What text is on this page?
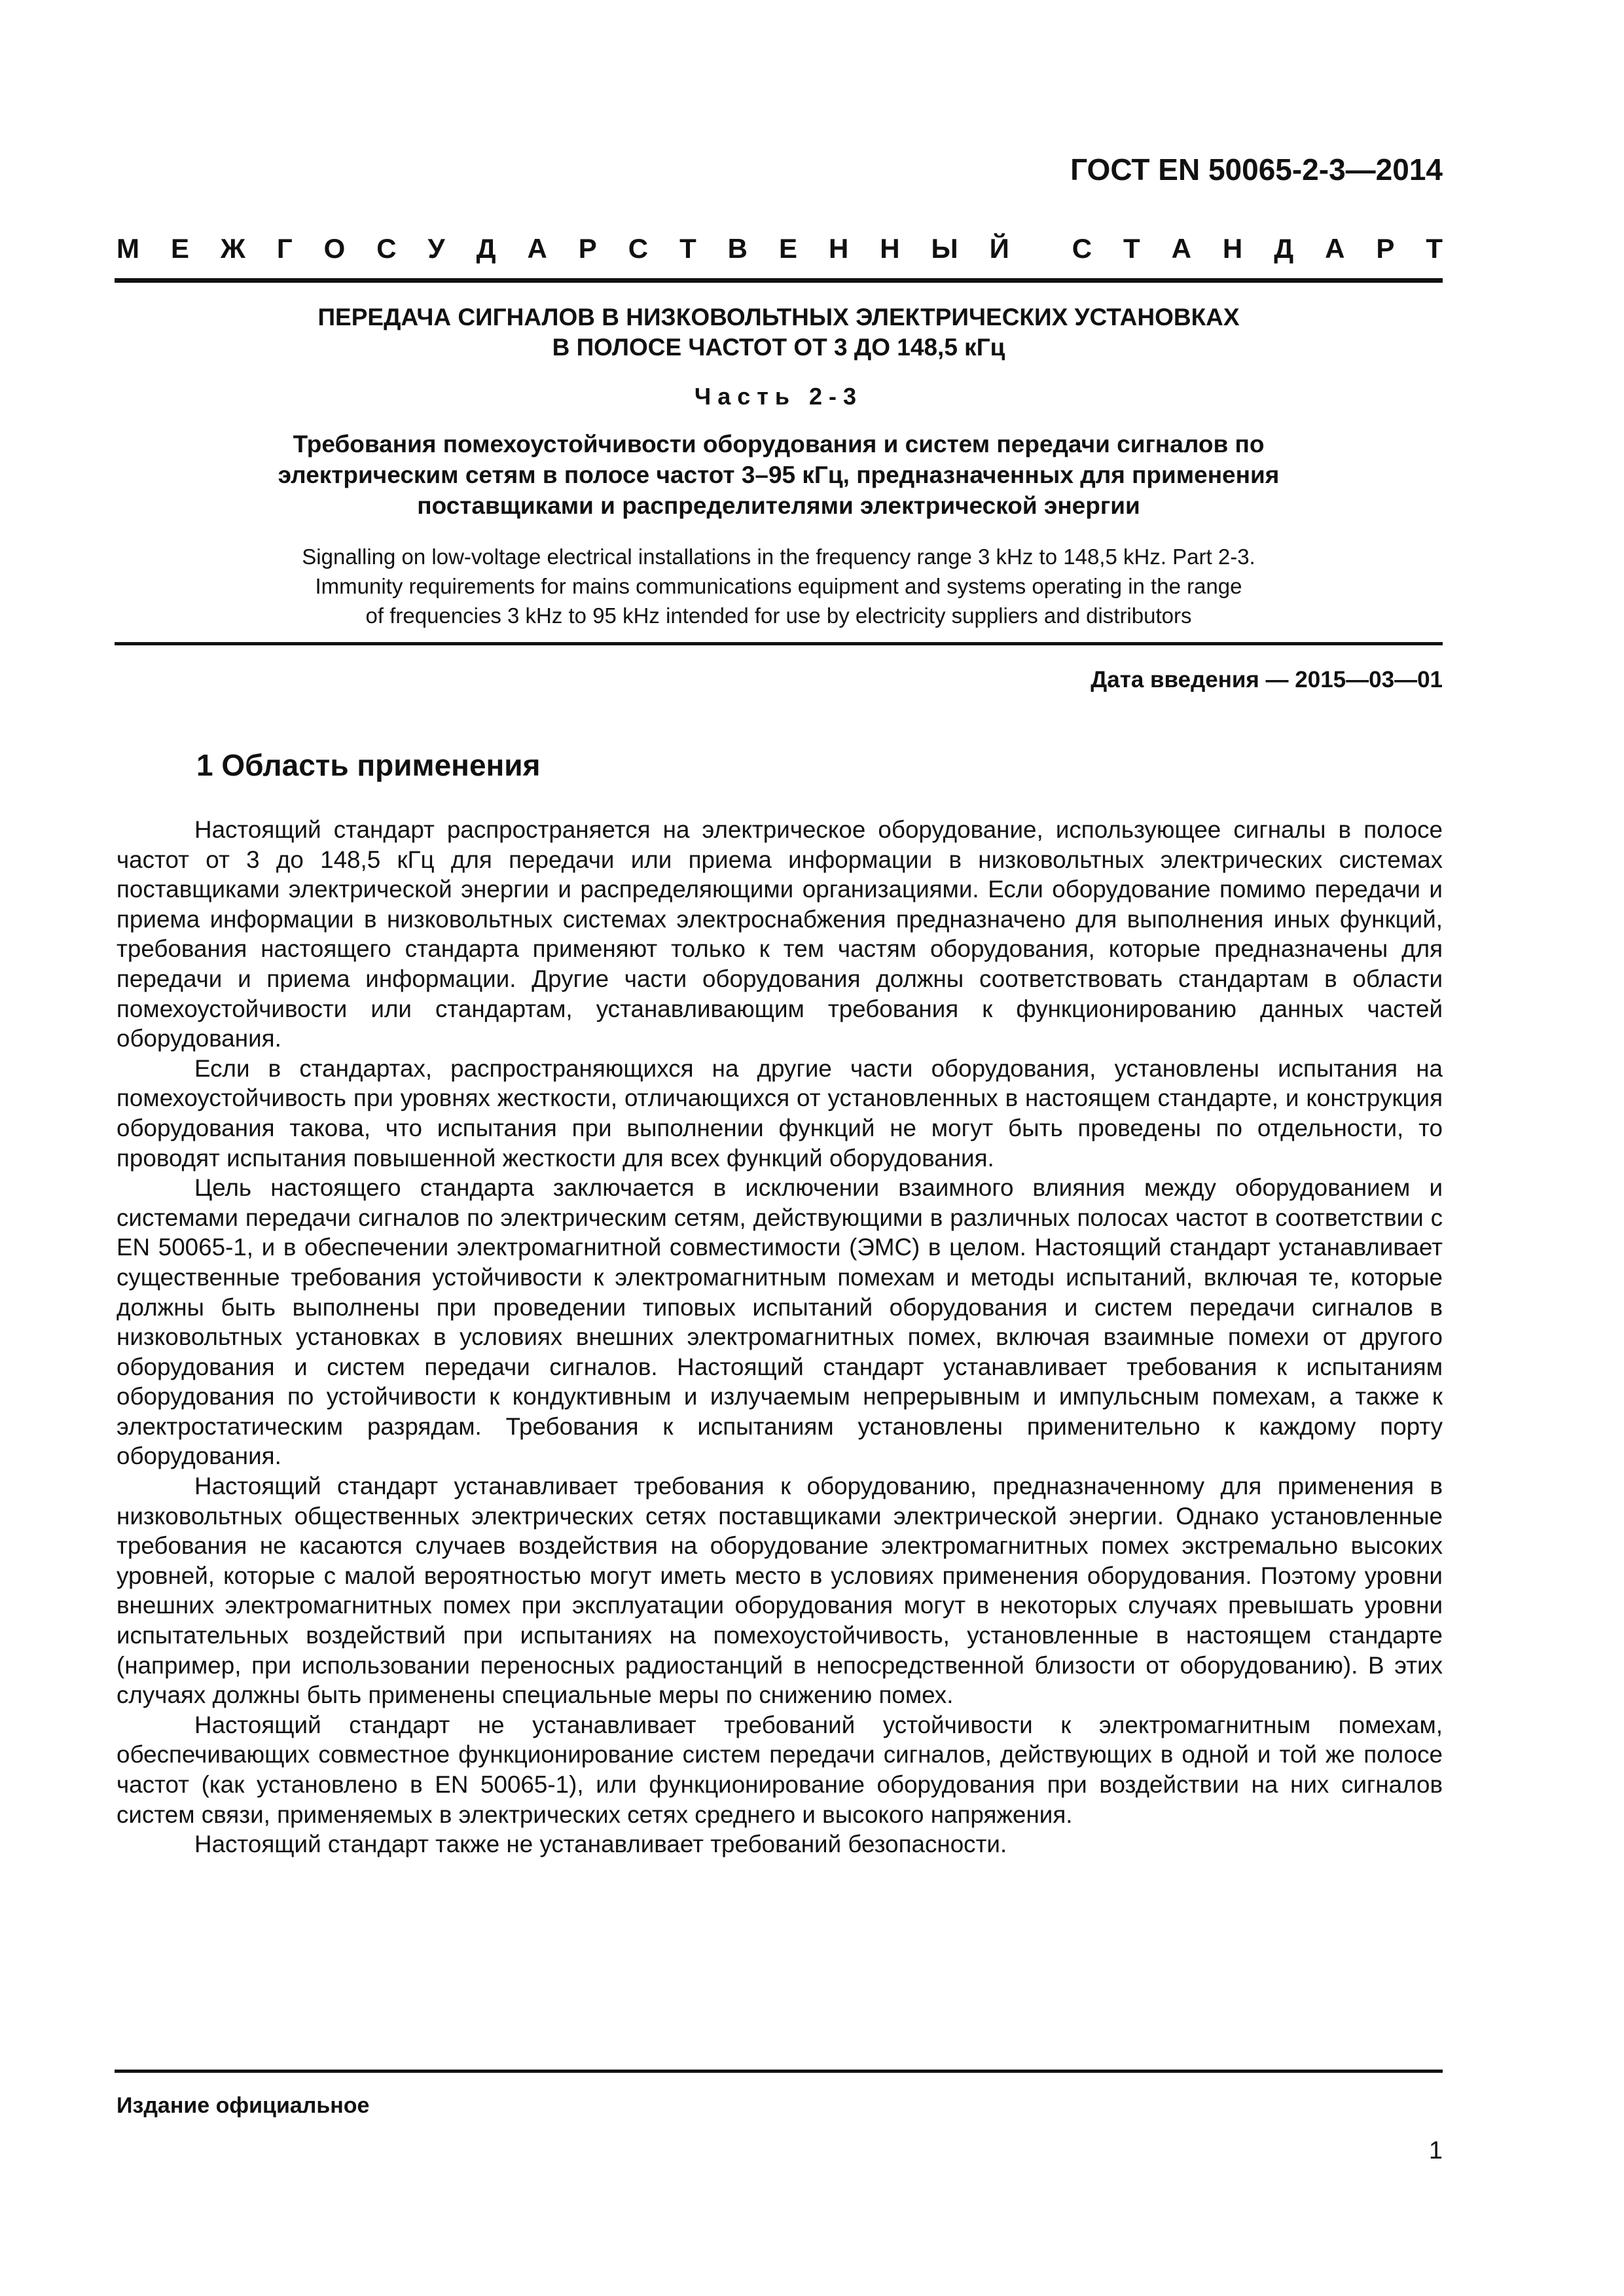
ГОСТ EN 50065-2-3—2014
М Е Ж Г О С У Д А Р С Т В Е Н Н Ы Й С Т А Н Д А Р Т
ПЕРЕДАЧА СИГНАЛОВ В НИЗКОВОЛЬТНЫХ ЭЛЕКТРИЧЕСКИХ УСТАНОВКАХ
В ПОЛОСЕ ЧАСТОТ ОТ 3 ДО 148,5 кГц
Часть 2-3
Требования помехоустойчивости оборудования и систем передачи сигналов по
электрическим сетям в полосе частот 3–95 кГц, предназначенных для применения
поставщиками и распределителями электрической энергии
Signalling on low-voltage electrical installations in the frequency range 3 kHz to 148,5 kHz. Part 2-3.
Immunity requirements for mains communications equipment and systems operating in the range
of frequencies 3 kHz to 95 kHz intended for use by electricity suppliers and distributors
Дата введения — 2015—03—01
1 Область применения

Настоящий стандарт распространяется на электрическое оборудование, использующее сигналы в полосе частот от 3 до 148,5 кГц для передачи или приема информации в низковольтных электрических системах поставщиками электрической энергии и распределяющими организациями. Если оборудование помимо передачи и приема информации в низковольтных системах электроснабжения предназначено для выполнения иных функций, требования настоящего стандарта применяют только к тем частям оборудования, которые предназначены для передачи и приема информации. Другие части оборудования должны соответствовать стандартам в области помехоустойчивости или стандартам, устанавливающим требования к функционированию данных частей оборудования.

Если в стандартах, распространяющихся на другие части оборудования, установлены испытания на помехоустойчивость при уровнях жесткости, отличающихся от установленных в настоящем стандарте, и конструкция оборудования такова, что испытания при выполнении функций не могут быть проведены по отдельности, то проводят испытания повышенной жесткости для всех функций оборудования.

Цель настоящего стандарта заключается в исключении взаимного влияния между оборудованием и системами передачи сигналов по электрическим сетям, действующими в различных полосах частот в соответствии с EN 50065-1, и в обеспечении электромагнитной совместимости (ЭМС) в целом. Настоящий стандарт устанавливает существенные требования устойчивости к электромагнитным помехам и методы испытаний, включая те, которые должны быть выполнены при проведении типовых испытаний оборудования и систем передачи сигналов в низковольтных установках в условиях внешних электромагнитных помех, включая взаимные помехи от другого оборудования и систем передачи сигналов. Настоящий стандарт устанавливает требования к испытаниям оборудования по устойчивости к кондуктивным и излучаемым непрерывным и импульсным помехам, а также к электростатическим разрядам. Требования к испытаниям установлены применительно к каждому порту оборудования.

Настоящий стандарт устанавливает требования к оборудованию, предназначенному для применения в низковольтных общественных электрических сетях поставщиками электрической энергии. Однако установленные требования не касаются случаев воздействия на оборудование электромагнитных помех экстремально высоких уровней, которые с малой вероятностью могут иметь место в условиях применения оборудования. Поэтому уровни внешних электромагнитных помех при эксплуатации оборудования могут в некоторых случаях превышать уровни испытательных воздействий при испытаниях на помехоустойчивость, установленные в настоящем стандарте (например, при использовании переносных радиостанций в непосредственной близости от оборудованию). В этих случаях должны быть применены специальные меры по снижению помех.

Настоящий стандарт не устанавливает требований устойчивости к электромагнитным помехам, обеспечивающих совместное функционирование систем передачи сигналов, действующих в одной и той же полосе частот (как установлено в EN 50065-1), или функционирование оборудования при воздействии на них сигналов систем связи, применяемых в электрических сетях среднего и высокого напряжения.

Настоящий стандарт также не устанавливает требований безопасности.

Издание официальное
1
